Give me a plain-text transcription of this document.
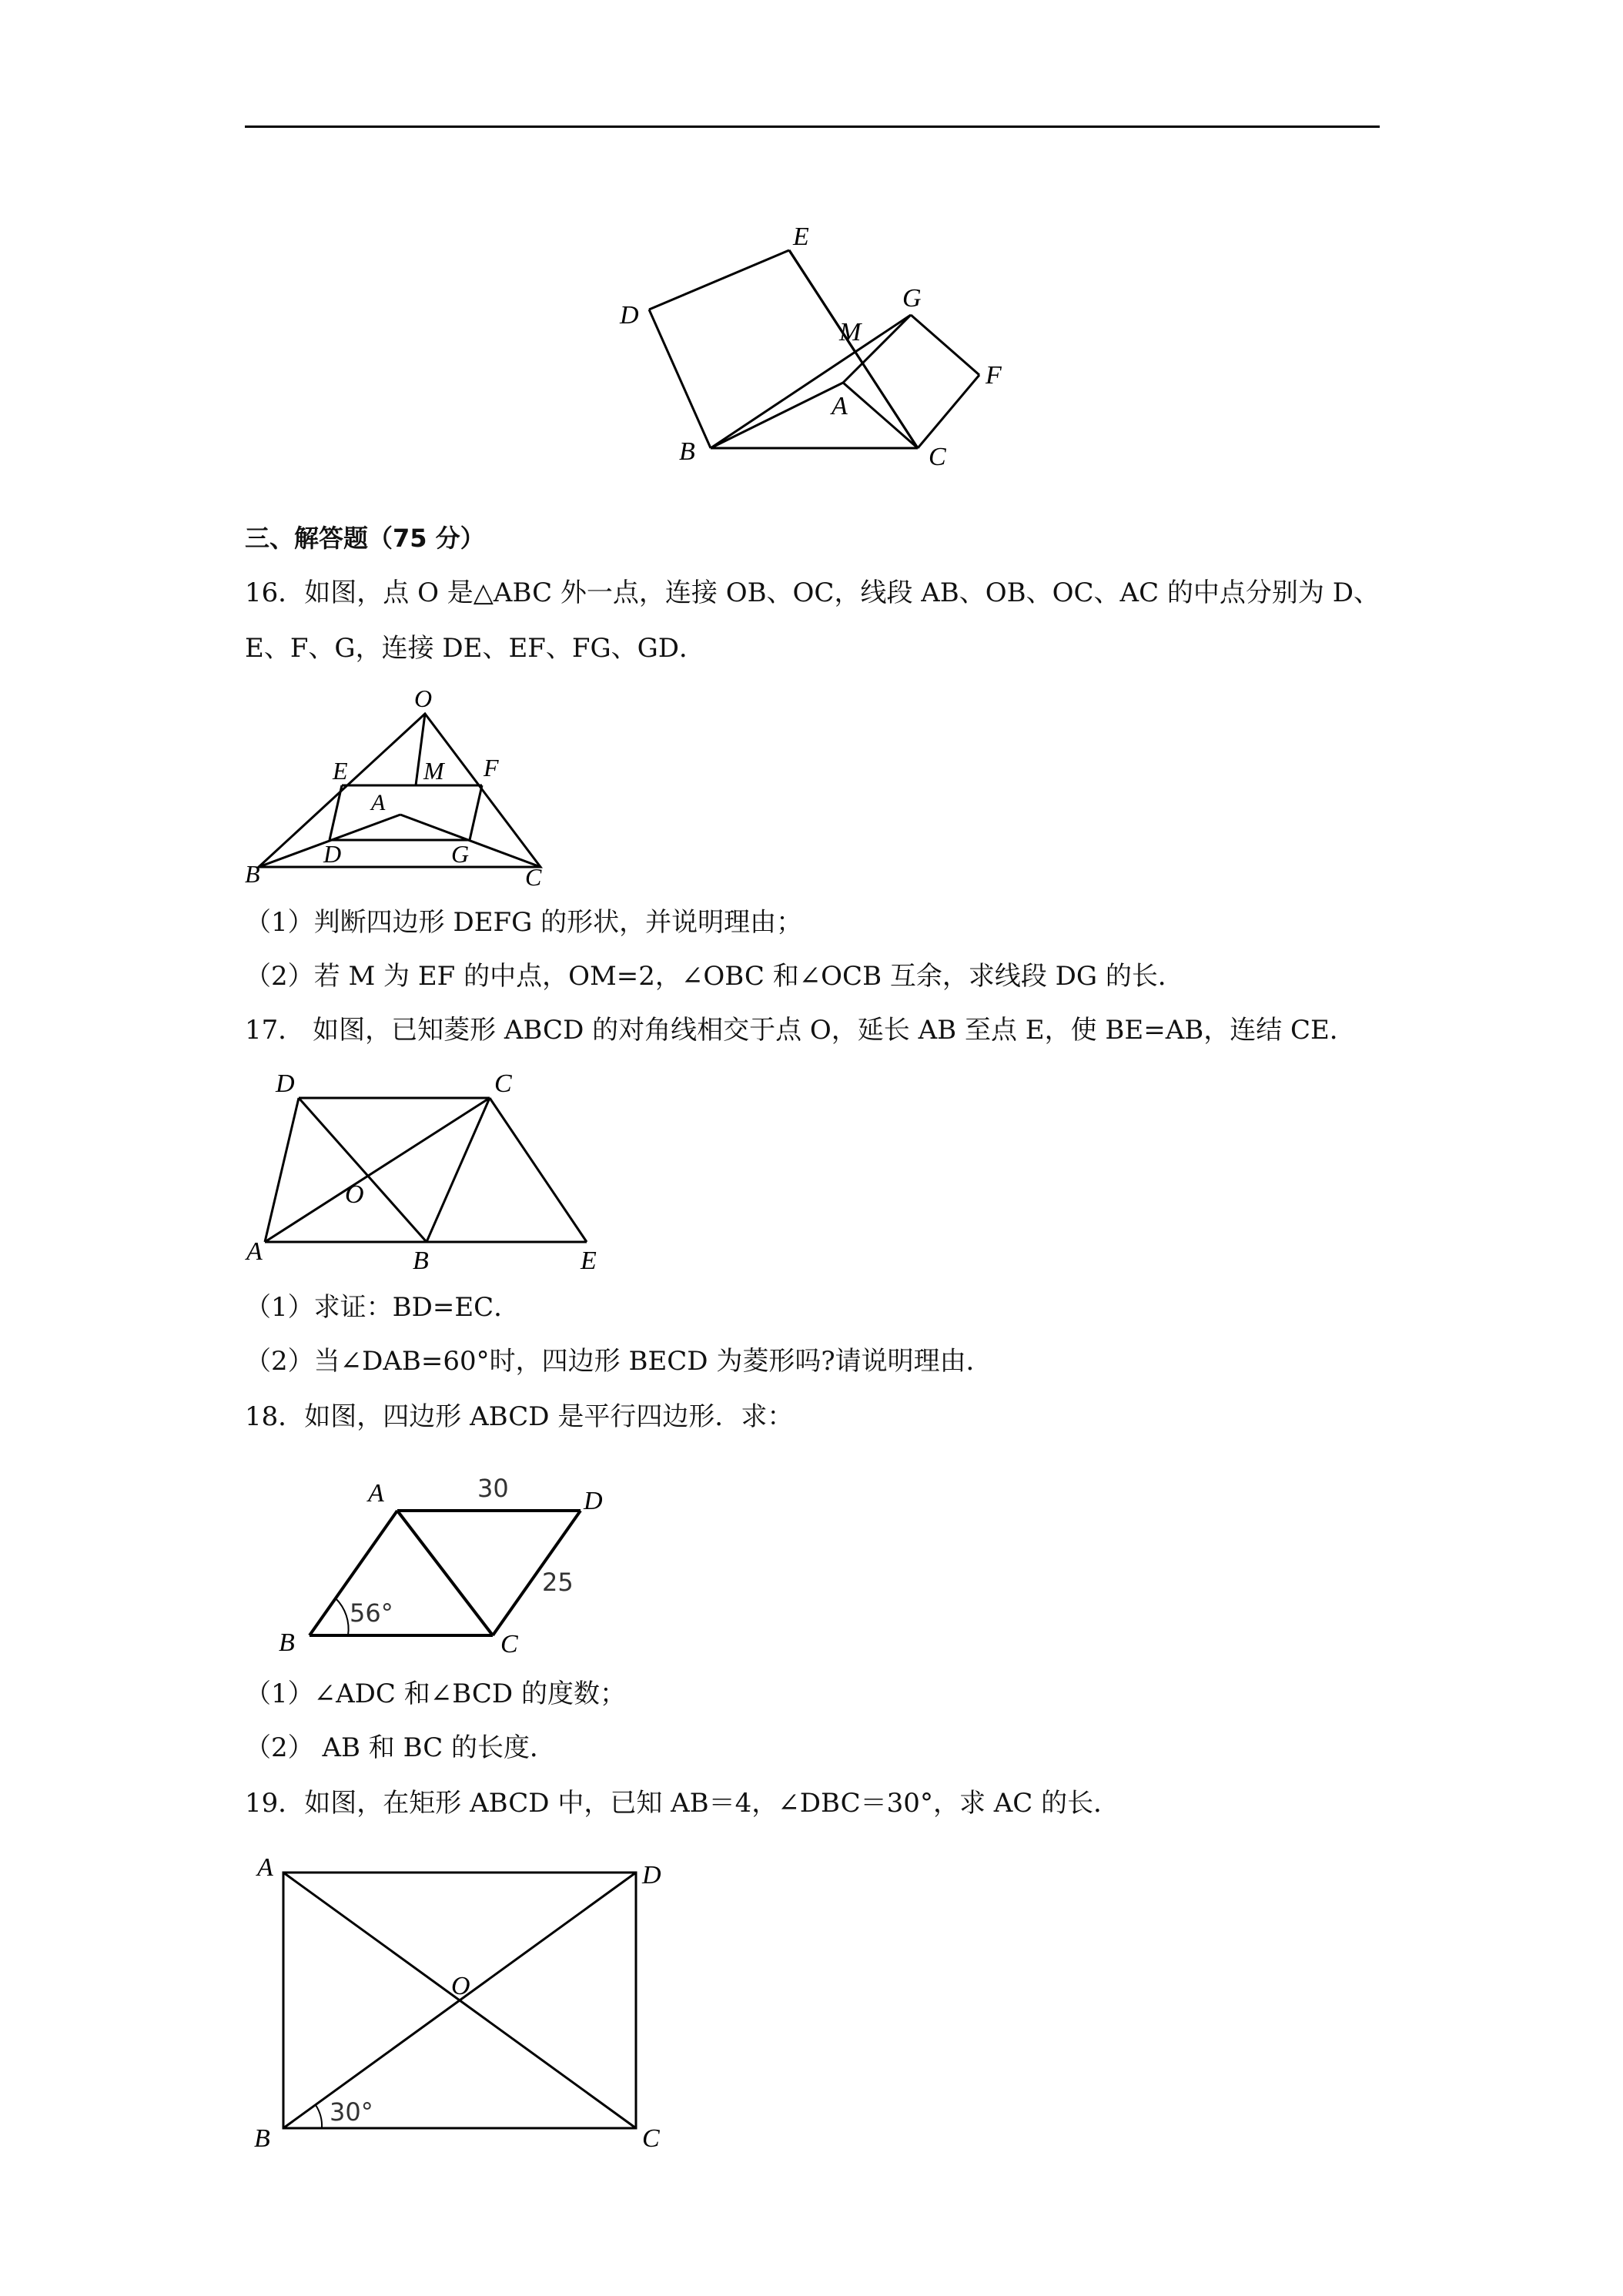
E
D
M
G
F
A
B	C
三、解答题（75 分）
16．如图，点 O 是△ABC 外一点，连接 OB、OC，线段 AB、OB、OC、AC 的中点分别为 D、
E、F、G，连接 DE、EF、FG、GD．
O
E	M F
A
B
D	G
C
（1）判断四边形 DEFG 的形状，并说明理由；
（2）若 M 为 EF 的中点，OM=2，∠OBC 和∠OCB 互余，求线段 DG 的长．
17． 如图，已知菱形 ABCD 的对角线相交于点 O，延长 AB 至点 E，使 BE=AB，连结 CE．
D	C
O
A	B	E
（1）求证：BD=EC．
（2）当∠DAB=60°时，四边形 BECD 为菱形吗?请说明理由．
18．如图，四边形 ABCD 是平行四边形．求：
A	D
B	C
30
25
56°
（1）∠ADC 和∠BCD 的度数；
（2） AB 和 BC 的长度．
19．如图，在矩形 ABCD 中，已知 AB＝4，∠DBC＝30°，求 AC 的长．
A	D
O
B	C
30°
